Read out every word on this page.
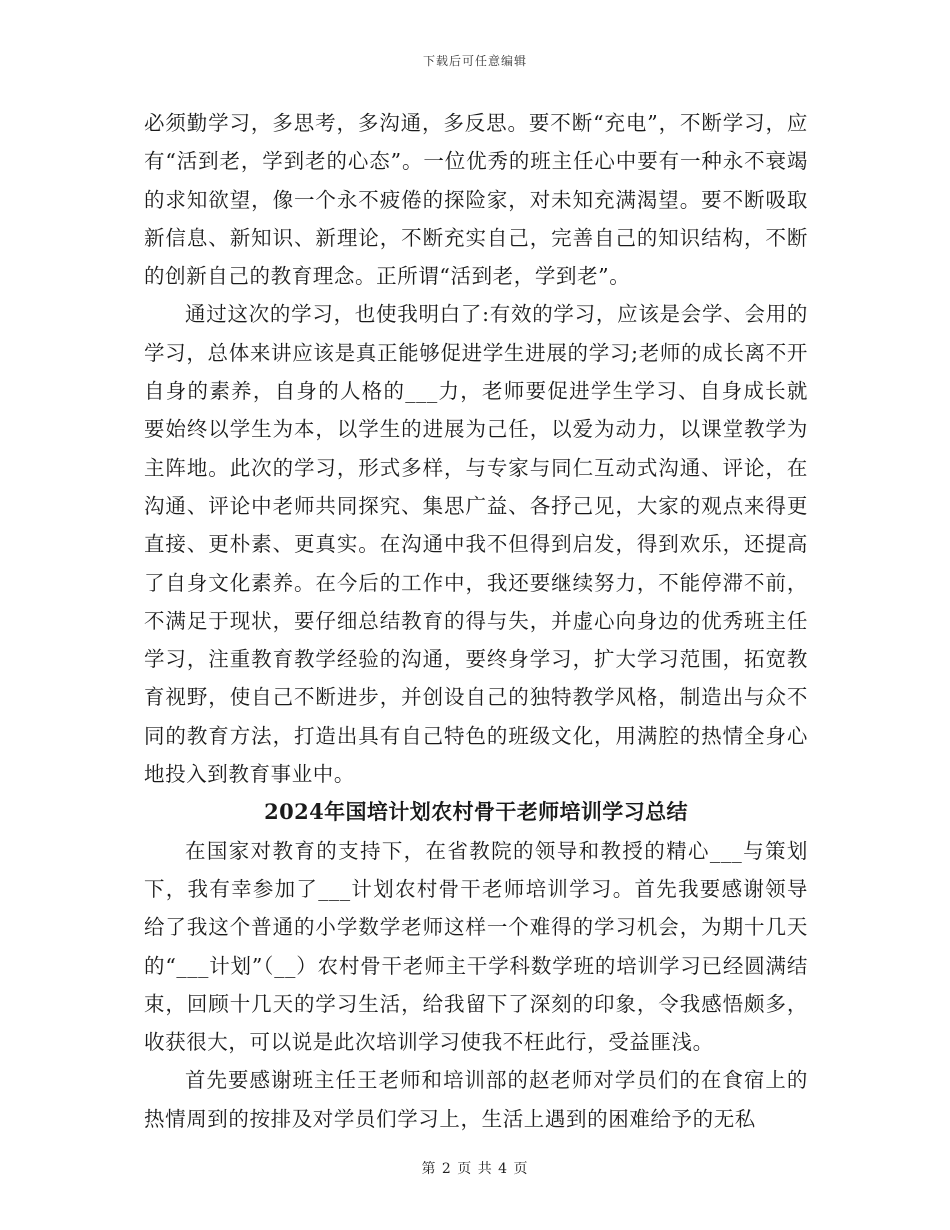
下载后可任意编辑

必须勤学习，多思考，多沟通，多反思。要不断“充电”，不断学习，应有“活到老，学到老的心态”。一位优秀的班主任心中要有一种永不衰竭的求知欲望，像一个永不疲倦的探险家，对未知充满渴望。要不断吸取新信息、新知识、新理论，不断充实自己，完善自己的知识结构，不断的创新自己的教育理念。正所谓“活到老，学到老”。

通过这次的学习，也使我明白了:有效的学习，应该是会学、会用的学习，总体来讲应该是真正能够促进学生进展的学习;老师的成长离不开自身的素养，自身的人格的___力，老师要促进学生学习、自身成长就要始终以学生为本，以学生的进展为己任，以爱为动力，以课堂教学为主阵地。此次的学习，形式多样，与专家与同仁互动式沟通、评论，在沟通、评论中老师共同探究、集思广益、各抒己见，大家的观点来得更直接、更朴素、更真实。在沟通中我不但得到启发，得到欢乐，还提高了自身文化素养。在今后的工作中，我还要继续努力，不能停滞不前，不满足于现状，要仔细总结教育的得与失，并虚心向身边的优秀班主任学习，注重教育教学经验的沟通，要终身学习，扩大学习范围，拓宽教育视野，使自己不断进步，并创设自己的独特教学风格，制造出与众不同的教育方法，打造出具有自己特色的班级文化，用满腔的热情全身心地投入到教育事业中。

2024年国培计划农村骨干老师培训学习总结

在国家对教育的支持下，在省教院的领导和教授的精心___与策划下，我有幸参加了___计划农村骨干老师培训学习。首先我要感谢领导给了我这个普通的小学数学老师这样一个难得的学习机会，为期十几天的“___计划”（__）农村骨干老师主干学科数学班的培训学习已经圆满结束，回顾十几天的学习生活，给我留下了深刻的印象，令我感悟颇多，收获很大，可以说是此次培训学习使我不枉此行，受益匪浅。

首先要感谢班主任王老师和培训部的赵老师对学员们的在食宿上的热情周到的按排及对学员们学习上，生活上遇到的困难给予的无私

第 2 页 共 4 页
